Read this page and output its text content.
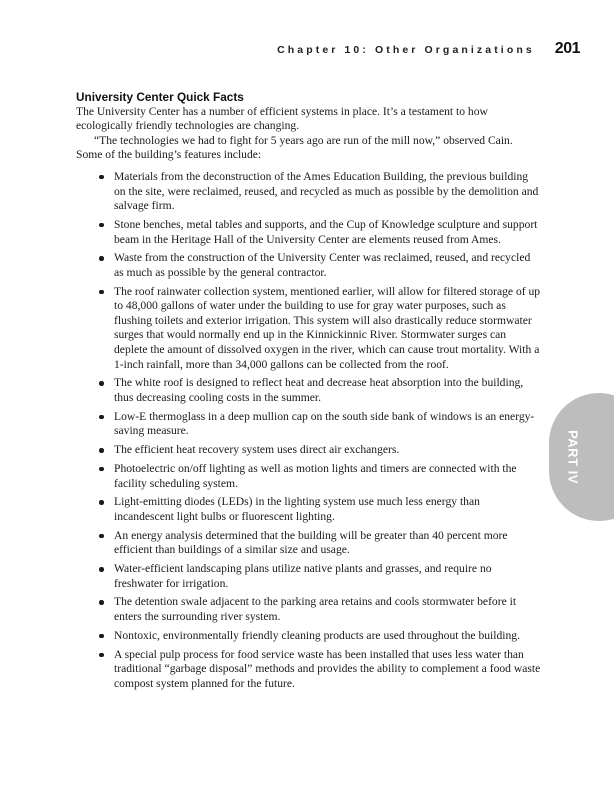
Chapter 10: Other Organizations 201
PART IV
University Center Quick Facts

The University Center has a number of efficient systems in place. It’s a testament to how ecologically friendly technologies are changing.

“The technologies we had to fight for 5 years ago are run of the mill now,” observed Cain. Some of the building’s features include:

Materials from the deconstruction of the Ames Education Building, the previous building on the site, were reclaimed, reused, and recycled as much as possible by the demolition and salvage firm.
Stone benches, metal tables and supports, and the Cup of Knowledge sculpture and support beam in the Heritage Hall of the University Center are elements reused from Ames.
Waste from the construction of the University Center was reclaimed, reused, and recycled as much as possible by the general contractor.
The roof rainwater collection system, mentioned earlier, will allow for filtered storage of up to 48,000 gallons of water under the building to use for gray water purposes, such as flushing toilets and exterior irrigation. This system will also drastically reduce stormwater surges that would normally end up in the Kinnickinnic River. Stormwater surges can deplete the amount of dissolved oxygen in the river, which can cause trout mortality. With a 1-inch rainfall, more than 34,000 gallons can be collected from the roof.
The white roof is designed to reflect heat and decrease heat absorption into the building, thus decreasing cooling costs in the summer.
Low-E thermoglass in a deep mullion cap on the south side bank of windows is an energy-saving measure.
The efficient heat recovery system uses direct air exchangers.
Photoelectric on/off lighting as well as motion lights and timers are connected with the facility scheduling system.
Light-emitting diodes (LEDs) in the lighting system use much less energy than incandescent light bulbs or fluorescent lighting.
An energy analysis determined that the building will be greater than 40 percent more efficient than buildings of a similar size and usage.
Water-efficient landscaping plans utilize native plants and grasses, and require no freshwater for irrigation.
The detention swale adjacent to the parking area retains and cools stormwater before it enters the surrounding river system.
Nontoxic, environmentally friendly cleaning products are used throughout the building.
A special pulp process for food service waste has been installed that uses less water than traditional “garbage disposal” methods and provides the ability to complement a food waste compost system planned for the future.
